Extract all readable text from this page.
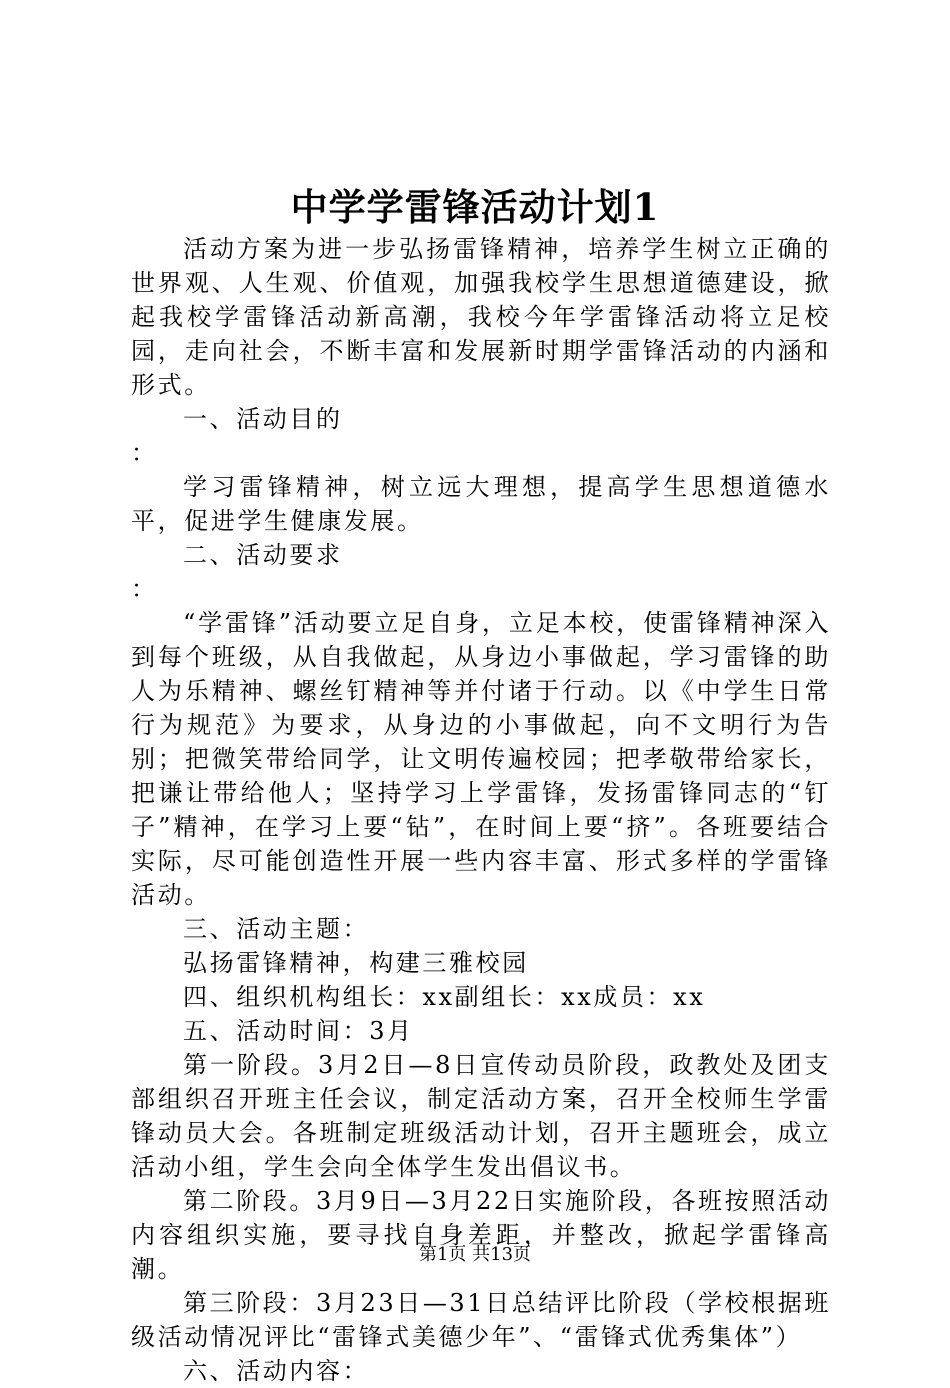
中学学雷锋活动计划1

活动方案为进一步弘扬雷锋精神，培养学生树立正确的世界观、人生观、价值观，加强我校学生思想道德建设，掀起我校学雷锋活动新高潮，我校今年学雷锋活动将立足校园，走向社会，不断丰富和发展新时期学雷锋活动的内涵和形式。

一、活动目的

：

学习雷锋精神，树立远大理想，提高学生思想道德水平，促进学生健康发展。

二、活动要求

：

“学雷锋”活动要立足自身，立足本校，使雷锋精神深入到每个班级，从自我做起，从身边小事做起，学习雷锋的助人为乐精神、螺丝钉精神等并付诸于行动。以《中学生日常行为规范》为要求，从身边的小事做起，向不文明行为告别；把微笑带给同学，让文明传遍校园；把孝敬带给家长，把谦让带给他人；坚持学习上学雷锋，发扬雷锋同志的“钉子”精神，在学习上要“钻”，在时间上要“挤”。各班要结合实际，尽可能创造性开展一些内容丰富、形式多样的学雷锋活动。

三、活动主题：

弘扬雷锋精神，构建三雅校园

四、组织机构组长：xx副组长：xx成员：xx

五、活动时间：3月

第一阶段。3月2日—8日宣传动员阶段，政教处及团支部组织召开班主任会议，制定活动方案，召开全校师生学雷锋动员大会。各班制定班级活动计划，召开主题班会，成立活动小组，学生会向全体学生发出倡议书。

第二阶段。3月9日—3月22日实施阶段，各班按照活动内容组织实施，要寻找自身差距，并整改，掀起学雷锋高潮。

第三阶段：3月23日—31日总结评比阶段（学校根据班级活动情况评比“雷锋式美德少年”、“雷锋式优秀集体”）

六、活动内容：

第1页 共13页
